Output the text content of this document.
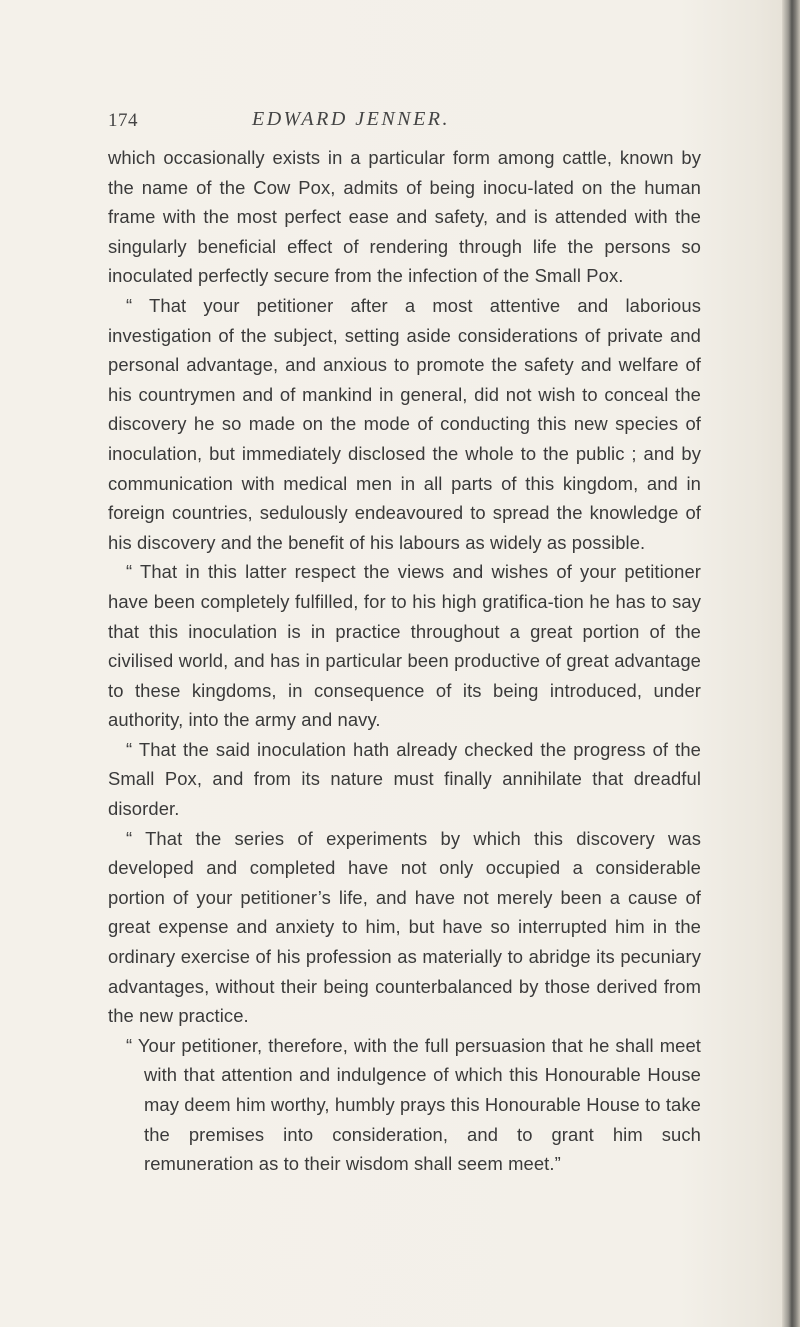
174	EDWARD JENNER.

which occasionally exists in a particular form among cattle, known by the name of the Cow Pox, admits of being inocu-lated on the human frame with the most perfect ease and safety, and is attended with the singularly beneficial effect of rendering through life the persons so inoculated perfectly secure from the infection of the Small Pox.

“ That your petitioner after a most attentive and laborious investigation of the subject, setting aside considerations of private and personal advantage, and anxious to promote the safety and welfare of his countrymen and of mankind in general, did not wish to conceal the discovery he so made on the mode of conducting this new species of inoculation, but immediately disclosed the whole to the public ; and by communication with medical men in all parts of this kingdom, and in foreign countries, sedulously endeavoured to spread the knowledge of his discovery and the benefit of his labours as widely as possible.

“ That in this latter respect the views and wishes of your petitioner have been completely fulfilled, for to his high gratifica-tion he has to say that this inoculation is in practice throughout a great portion of the civilised world, and has in particular been productive of great advantage to these kingdoms, in consequence of its being introduced, under authority, into the army and navy.

“ That the said inoculation hath already checked the progress of the Small Pox, and from its nature must finally annihilate that dreadful disorder.

“ That the series of experiments by which this discovery was developed and completed have not only occupied a considerable portion of your petitioner’s life, and have not merely been a cause of great expense and anxiety to him, but have so interrupted him in the ordinary exercise of his profession as materially to abridge its pecuniary advantages, without their being counterbalanced by those derived from the new practice.

“ Your petitioner, therefore, with the full persuasion that he shall meet with that attention and indulgence of which this Honourable House may deem him worthy, humbly prays this Honourable House to take the premises into consideration, and to grant him such remuneration as to their wisdom shall seem meet.”
